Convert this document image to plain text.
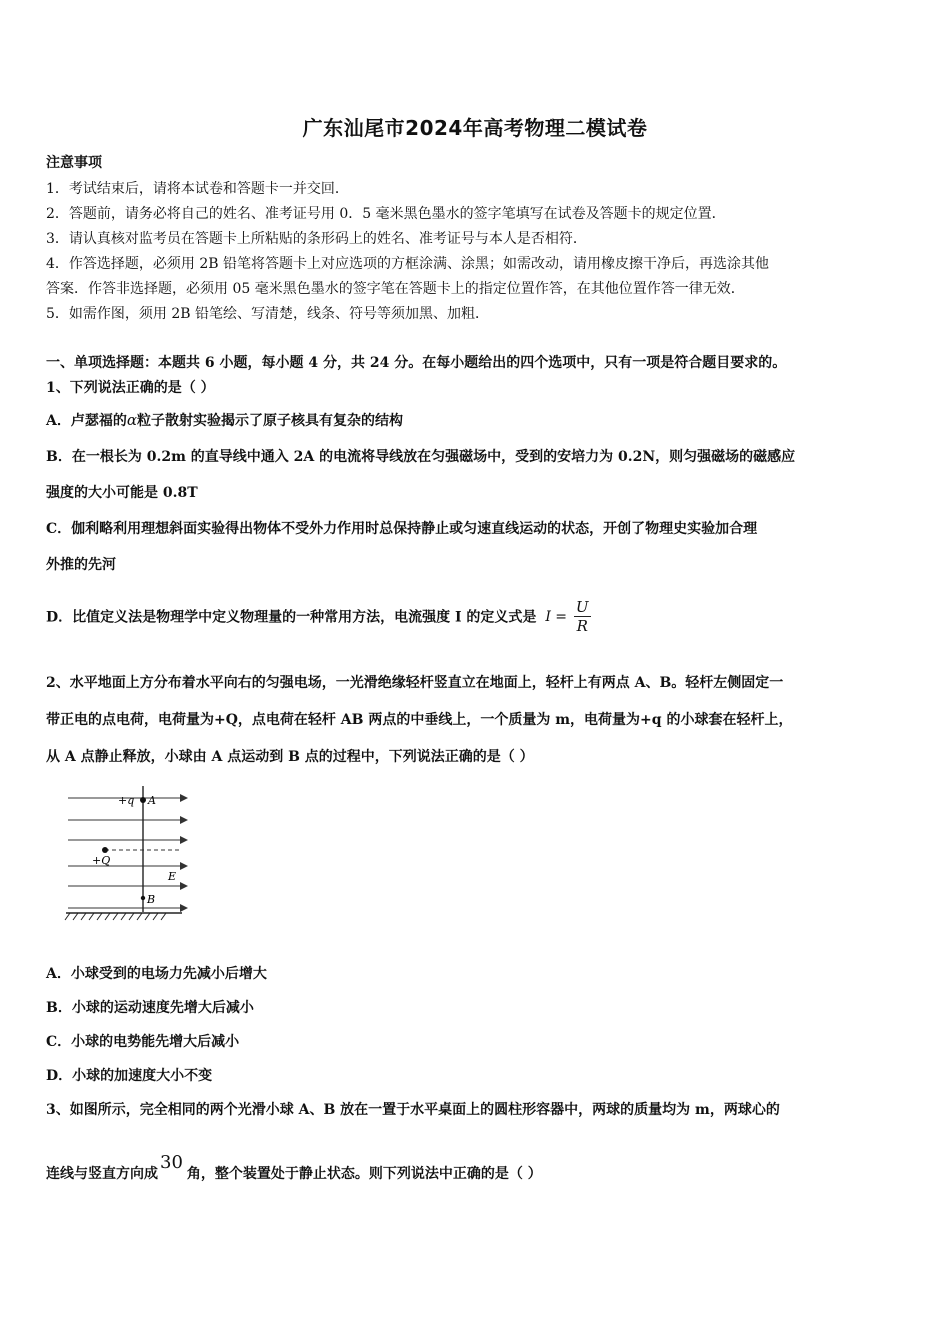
广东汕尾市2024年高考物理二模试卷
注意事项
1．考试结束后，请将本试卷和答题卡一并交回．
2．答题前，请务必将自己的姓名、准考证号用 0．5 毫米黑色墨水的签字笔填写在试卷及答题卡的规定位置．
3．请认真核对监考员在答题卡上所粘贴的条形码上的姓名、准考证号与本人是否相符．
4．作答选择题，必须用 2B 铅笔将答题卡上对应选项的方框涂满、涂黑；如需改动，请用橡皮擦干净后，再选涂其他
答案．作答非选择题，必须用 05 毫米黑色墨水的签字笔在答题卡上的指定位置作答，在其他位置作答一律无效．
5．如需作图，须用 2B 铅笔绘、写清楚，线条、符号等须加黑、加粗．
一、单项选择题：本题共 6 小题，每小题 4 分，共 24 分。在每小题给出的四个选项中，只有一项是符合题目要求的。
1、下列说法正确的是（ ）
A．卢瑟福的α粒子散射实验揭示了原子核具有复杂的结构
B．在一根长为 0.2m 的直导线中通入 2A 的电流将导线放在匀强磁场中，受到的安培力为 0.2N，则匀强磁场的磁感应
强度的大小可能是 0.8T
C．伽利略利用理想斜面实验得出物体不受外力作用时总保持静止或匀速直线运动的状态，开创了物理史实验加合理
外推的先河
D．比值定义法是物理学中定义物理量的一种常用方法，电流强度 I 的定义式是 $I = \frac{U}{R}$
2、水平地面上方分布着水平向右的匀强电场，一光滑绝缘轻杆竖直立在地面上，轻杆上有两点 A、B。轻杆左侧固定一
带正电的点电荷，电荷量为+Q，点电荷在轻杆 AB 两点的中垂线上，一个质量为 m，电荷量为+q 的小球套在轻杆上，
从 A 点静止释放，小球由 A 点运动到 B 点的过程中，下列说法正确的是（ ）
+q A
+Q
E
B
A．小球受到的电场力先减小后增大
B．小球的运动速度先增大后减小
C．小球的电势能先增大后减小
D．小球的加速度大小不变
3、如图所示，完全相同的两个光滑小球 A、B 放在一置于水平桌面上的圆柱形容器中，两球的质量均为 m，两球心的
连线与竖直方向成30角，整个装置处于静止状态。则下列说法中正确的是（ ）
